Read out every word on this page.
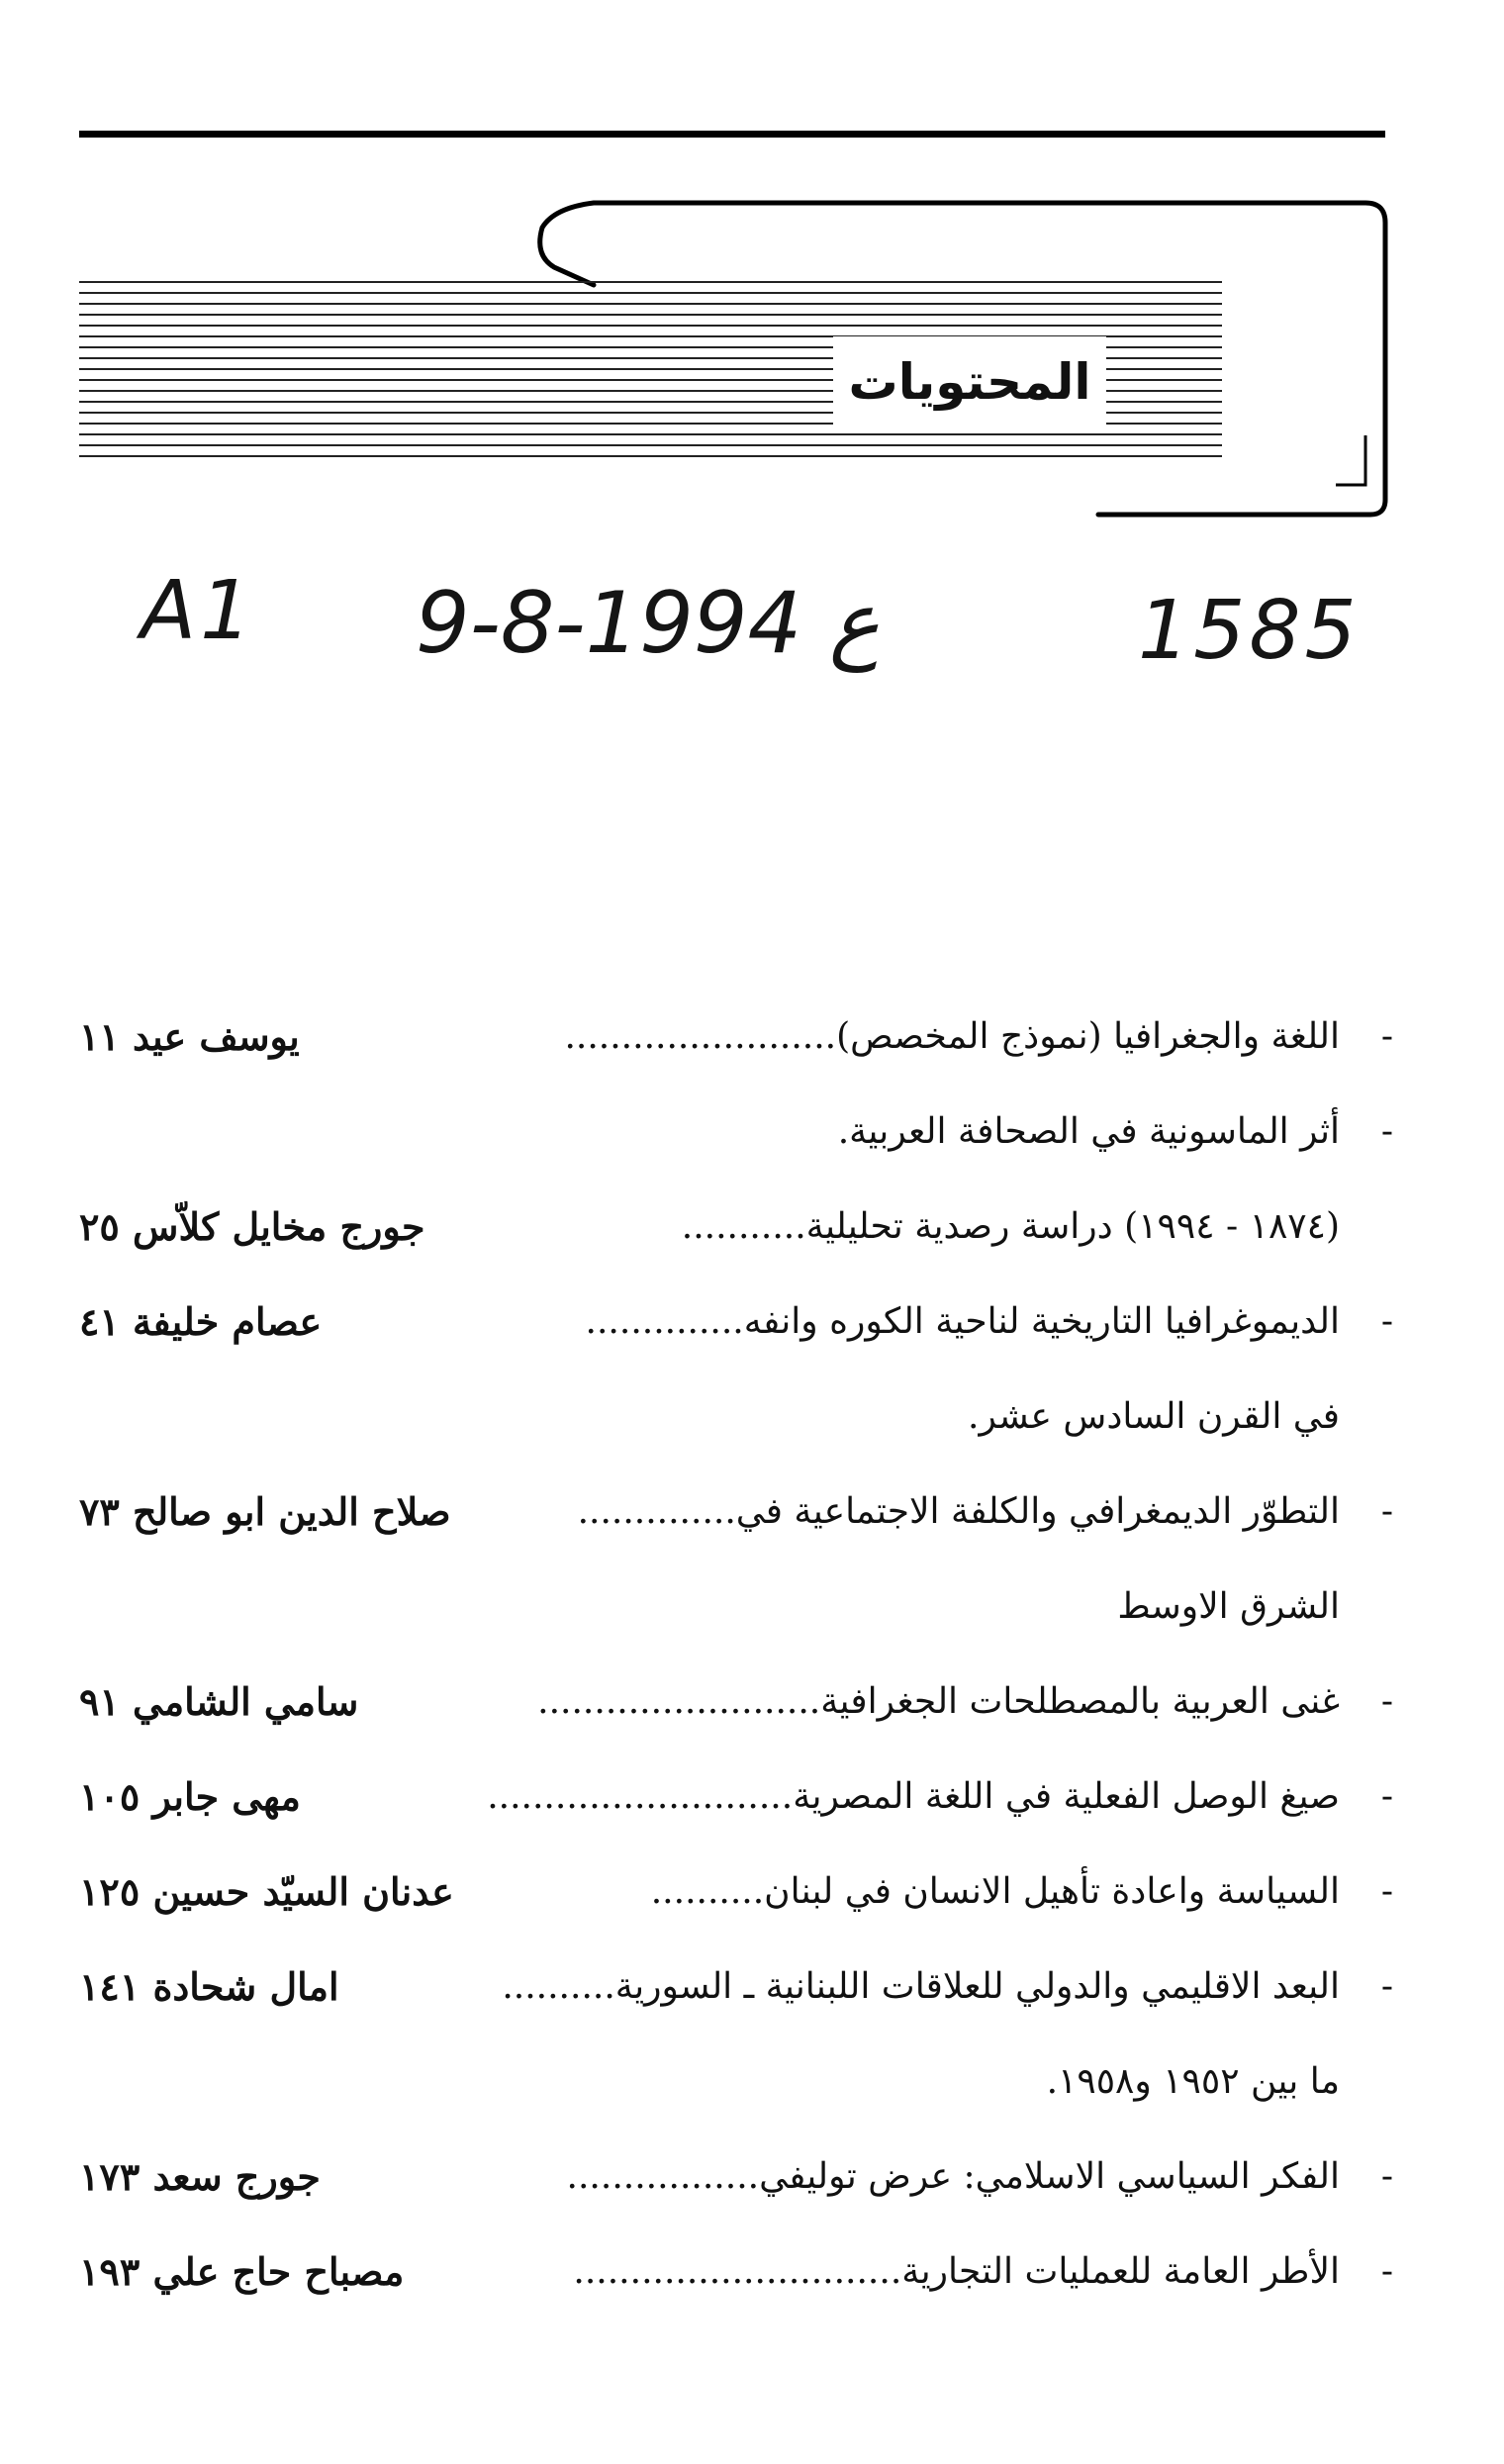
المحتويات
A1 9-8-ع 1994	1585
-
اللغة والجغرافيا (نموذج المخصص)........................
يوسف عيد ١١
-
أثر الماسونية في الصحافة العربية.
(١٨٧٤ - ١٩٩٤) دراسة رصدية تحليلية...........
جورج مخايل كلاّس ٢٥
-
الديموغرافيا التاريخية لناحية الكوره وانفه..............
عصام خليفة ٤١
في القرن السادس عشر.
-
التطوّر الديمغرافي والكلفة الاجتماعية في..............
صلاح الدين ابو صالح ٧٣
الشرق الاوسط
-
غنى العربية بالمصطلحات الجغرافية.........................
سامي الشامي ٩١
-
صيغ الوصل الفعلية في اللغة المصرية...........................
مهى جابر ١٠٥
-
السياسة واعادة تأهيل الانسان في لبنان..........
عدنان السيّد حسين ١٢٥
-
البعد الاقليمي والدولي للعلاقات اللبنانية ـ السورية..........
امال شحادة ١٤١
ما بين ١٩٥٢ و١٩٥٨.
-
الفكر السياسي الاسلامي: عرض توليفي.................
جورج سعد ١٧٣
-
الأطر العامة للعمليات التجارية.............................
مصباح حاج علي ١٩٣
